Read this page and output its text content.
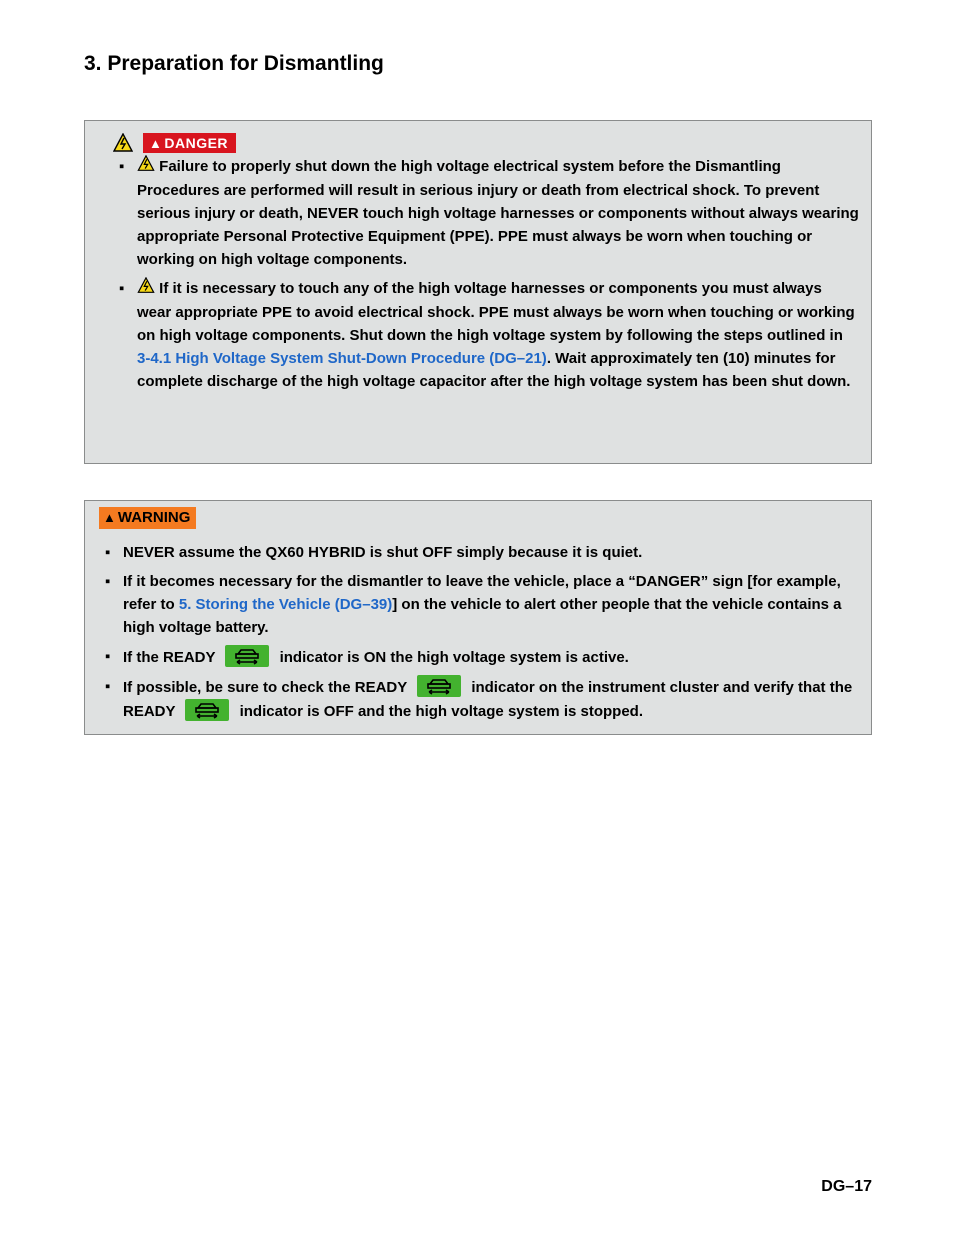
3. Preparation for Dismantling
▲ DANGER
▪ Failure to properly shut down the high voltage electrical system before the Dismantling Procedures are performed will result in serious injury or death from electrical shock. To prevent serious injury or death, NEVER touch high voltage harnesses or components without always wearing appropriate Personal Protective Equipment (PPE). PPE must always be worn when touching or working on high voltage components.
▪ If it is necessary to touch any of the high voltage harnesses or components you must always wear appropriate PPE to avoid electrical shock. PPE must always be worn when touching or working on high voltage components. Shut down the high voltage system by following the steps outlined in 3-4.1 High Voltage System Shut-Down Procedure (DG–21). Wait approximately ten (10) minutes for complete discharge of the high voltage capacitor after the high voltage system has been shut down.
▲ WARNING
▪ NEVER assume the QX60 HYBRID is shut OFF simply because it is quiet.
▪ If it becomes necessary for the dismantler to leave the vehicle, place a “DANGER” sign [for example, refer to 5. Storing the Vehicle (DG–39)] on the vehicle to alert other people that the vehicle contains a high voltage battery.
▪ If the READY	indicator is ON the high voltage system is active.
▪ If possible, be sure to check the READY	indicator on the instrument cluster and verify that the READY	indicator is OFF and the high voltage system is stopped.
DG–17
